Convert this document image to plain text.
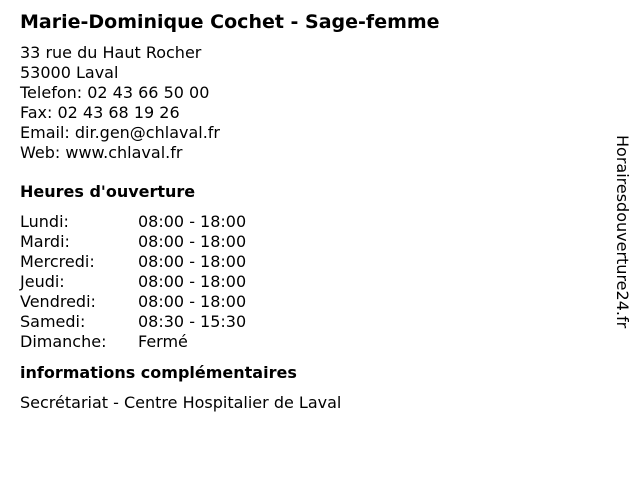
Marie-Dominique Cochet - Sage-femme
33 rue du Haut Rocher
53000 Laval
Telefon: 02 43 66 50 00
Fax: 02 43 68 19 26
Email: dir.gen@chlaval.fr
Web: www.chlaval.fr
Heures d'ouverture
Lundi:	08:00 - 18:00
Mardi:	08:00 - 18:00
Mercredi:	08:00 - 18:00
Jeudi:	08:00 - 18:00
Vendredi:	08:00 - 18:00
Samedi:	08:30 - 15:30
Dimanche:	Fermé
informations complémentaires
Secrétariat - Centre Hospitalier de Laval
Horairesdouverture24.fr
